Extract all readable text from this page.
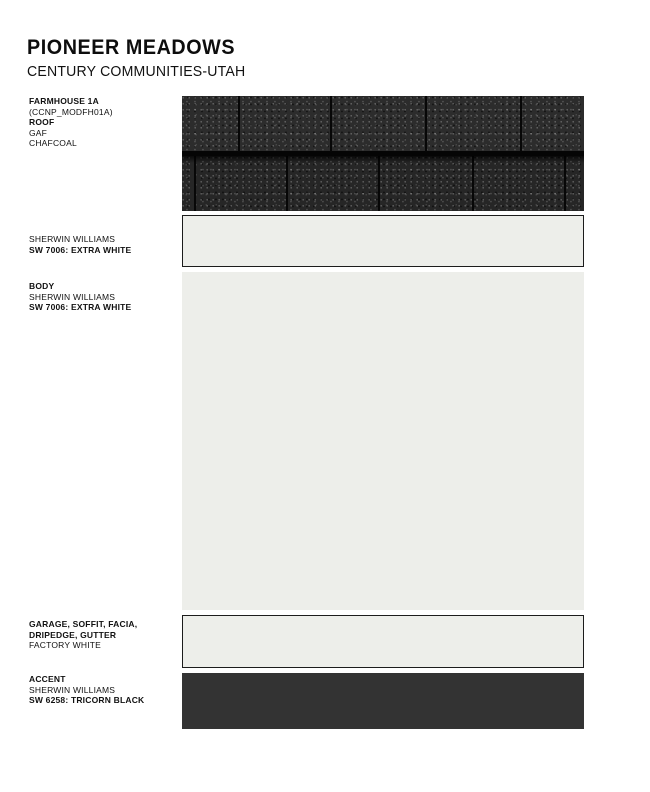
PIONEER MEADOWS
CENTURY COMMUNITIES-UTAH
FARMHOUSE 1A
(CCNP_MODFH01A)
ROOF
GAF
CHAFCOAL
SHERWIN WILLIAMS
SW 7006: EXTRA WHITE
BODY
SHERWIN WILLIAMS
SW 7006: EXTRA WHITE
GARAGE, SOFFIT, FACIA,
DRIPEDGE, GUTTER
FACTORY WHITE
ACCENT
SHERWIN WILLIAMS
SW 6258: TRICORN BLACK
